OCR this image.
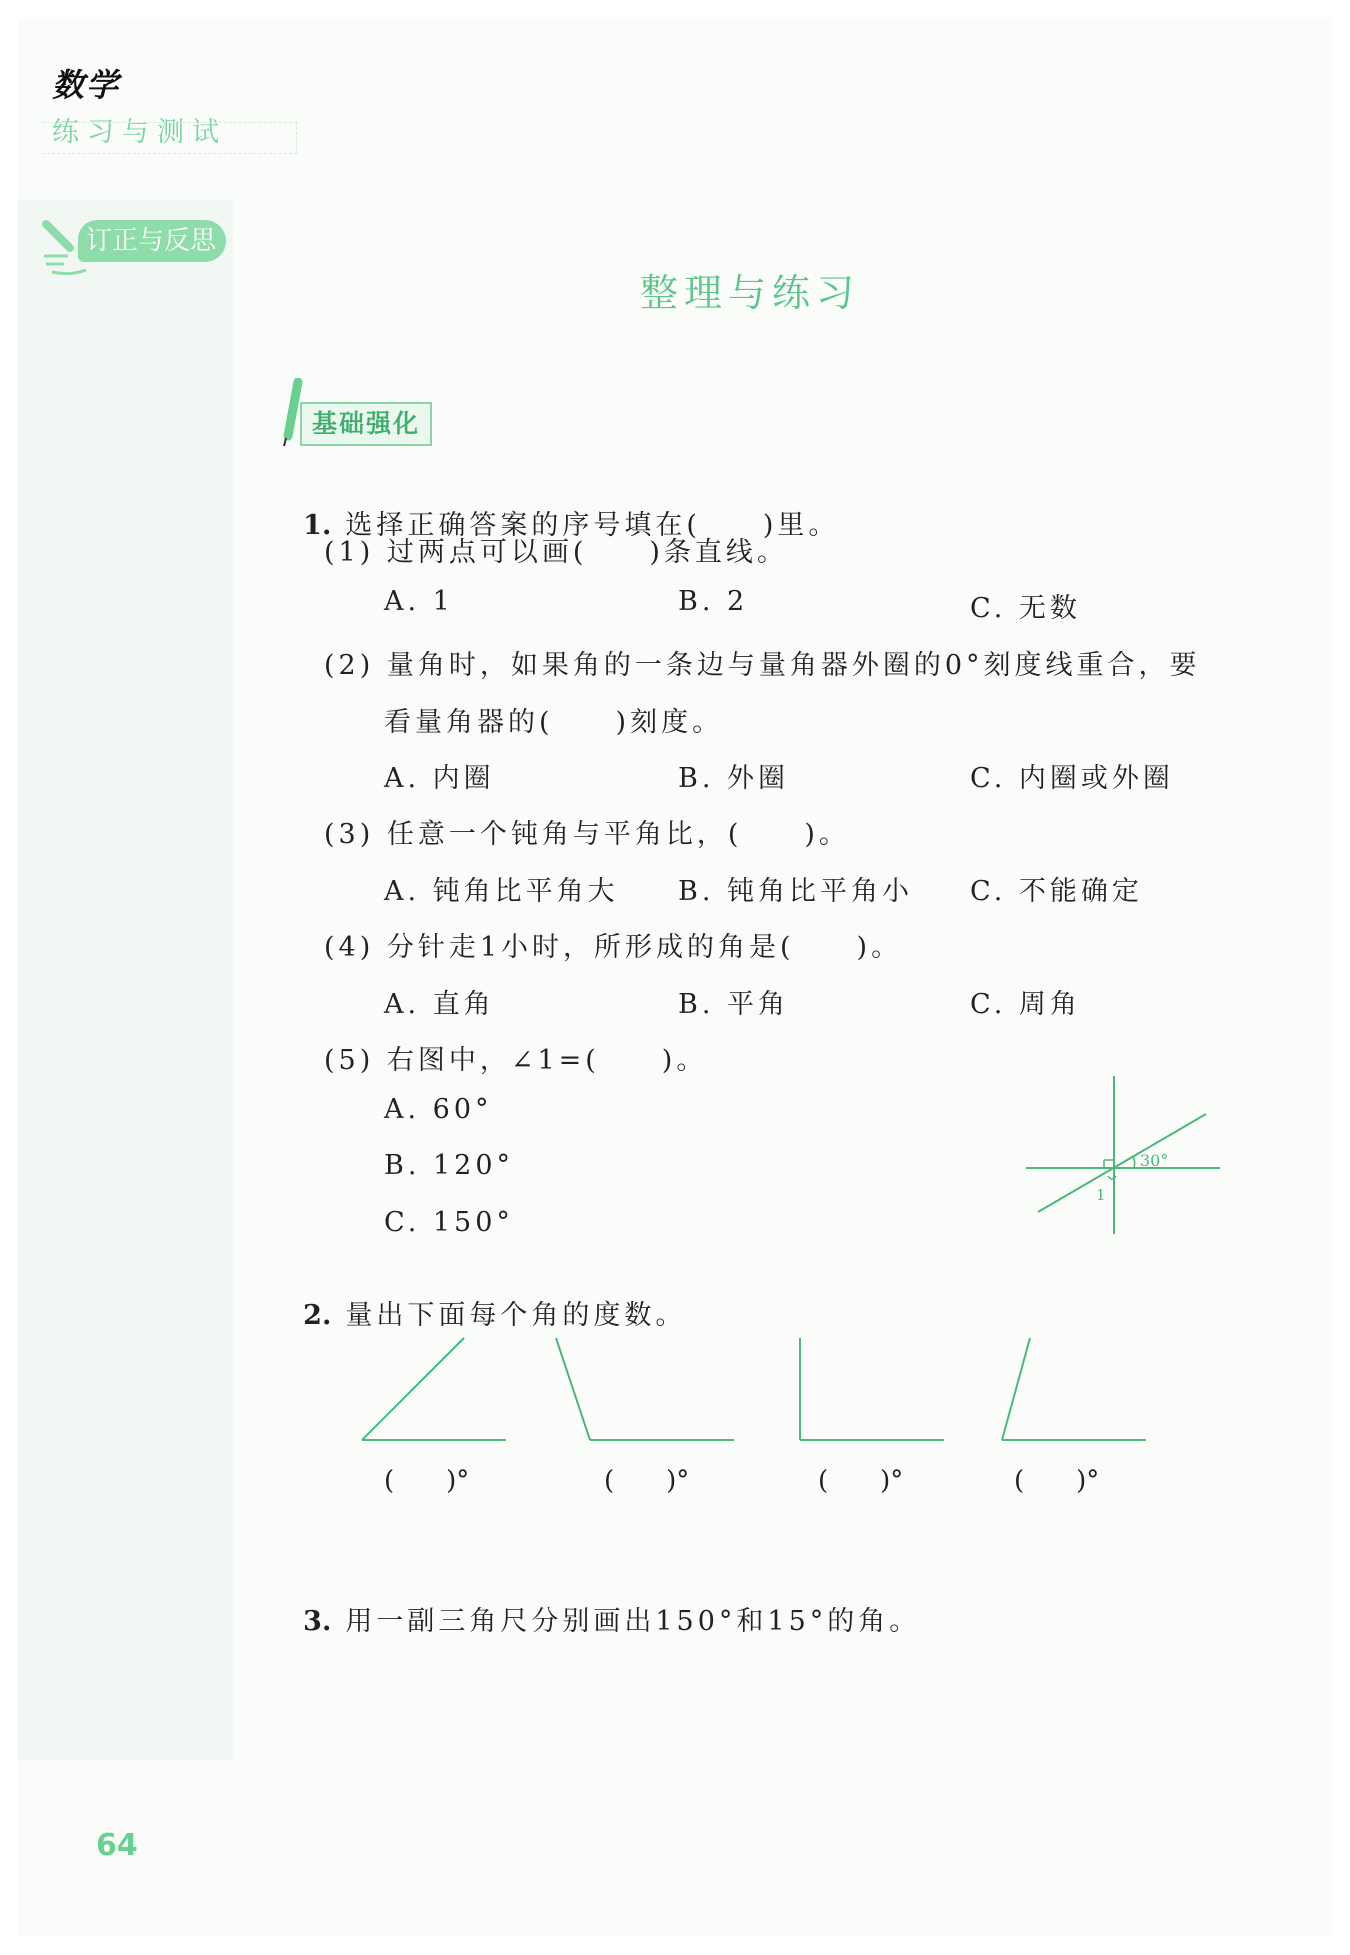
数学
练习与测试
订正与反思
整理与练习
基础强化

1. 选择正确答案的序号填在(　　)里。

(1) 过两点可以画(　　)条直线。
A. 1	B. 2	C. 无数
(2) 量角时，如果角的一条边与量角器外圈的0°刻度线重合，要
看量角器的(　　)刻度。
A. 内圈	B. 外圈	C. 内圈或外圈
(3) 任意一个钝角与平角比，(　　)。
A. 钝角比平角大 B. 钝角比平角小 C. 不能确定
(4) 分针走1小时，所形成的角是(　　)。
A. 直角	B. 平角	C. 周角
(5) 右图中，∠1=(　　)。
A. 60°
B. 120°
C. 150°
30°
1

2. 量出下面每个角的度数。

(　　)°	(　　)°	(　　)°	(　　)°

3. 用一副三角尺分别画出150°和15°的角。

64
